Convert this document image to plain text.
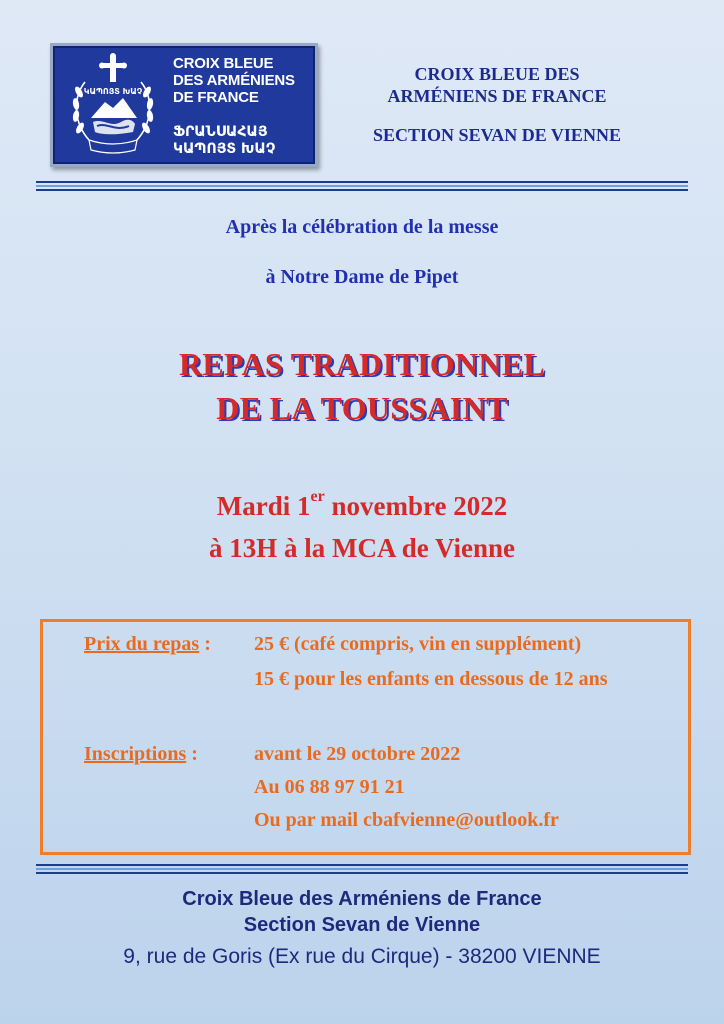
ԿԱՊՈՅՏ ԽԱՉ
CROIX BLEUE
DES ARMÉNIENS
DE FRANCE
ՖՐԱՆՍԱՀԱՅ
ԿԱՊՈՅՏ ԽԱՉ
CROIX BLEUE DES
ARMÉNIENS DE FRANCE
SECTION SEVAN DE VIENNE
Après la célébration de la messe
à Notre Dame de Pipet
REPAS TRADITIONNEL
DE LA TOUSSAINT
Mardi 1er novembre 2022
à 13H à la MCA de Vienne
Prix du repas : 25 € (café compris, vin en supplément)
15 € pour les enfants en dessous de 12 ans
Inscriptions :	avant le 29 octobre 2022
Au 06 88 97 91 21
Ou par mail cbafvienne@outlook.fr
Croix Bleue des Arméniens de France
Section Sevan de Vienne
9, rue de Goris (Ex rue du Cirque) - 38200 VIENNE
